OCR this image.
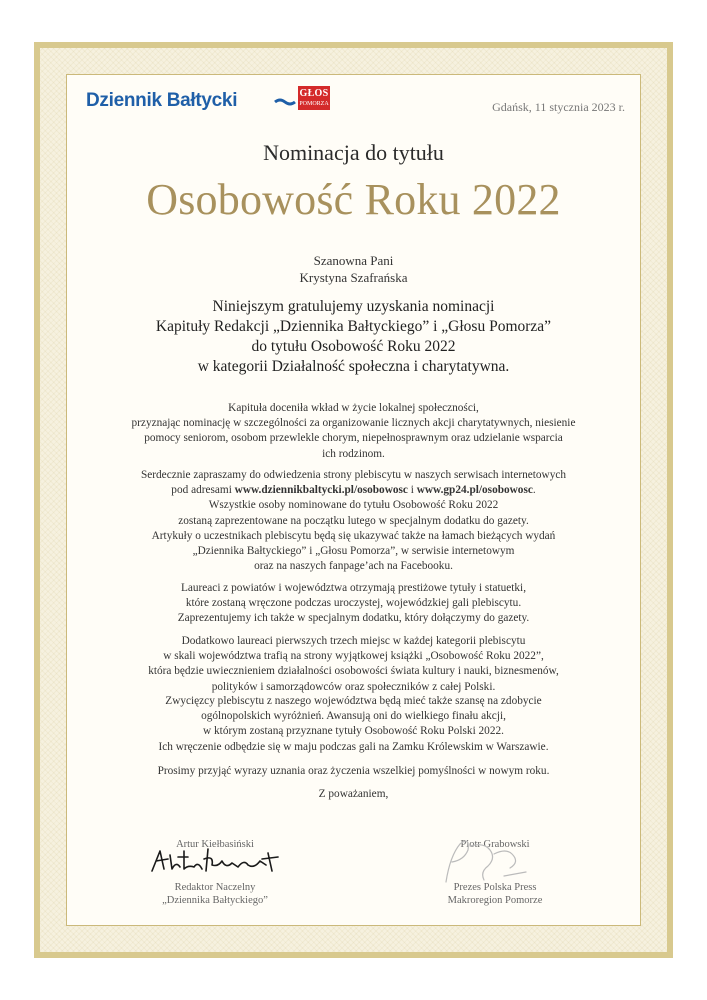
Dziennik Bałtycki	GŁOS
POMORZA	Gdańsk, 11 stycznia 2023 r.
Nominacja do tytułu
Osobowość Roku 2022
Szanowna Pani
Krystyna Szafrańska
Niniejszym gratulujemy uzyskania nominacji
Kapituły Redakcji „Dziennika Bałtyckiego” i „Głosu Pomorza”
do tytułu Osobowość Roku 2022
w kategorii Działalność społeczna i charytatywna.
Kapituła doceniła wkład w życie lokalnej społeczności,
przyznając nominację w szczególności za organizowanie licznych akcji charytatywnych, niesienie
pomocy seniorom, osobom przewlekle chorym, niepełnosprawnym oraz udzielanie wsparcia
ich rodzinom.
Serdecznie zapraszamy do odwiedzenia strony plebiscytu w naszych serwisach internetowych
pod adresami www.dziennikbaltycki.pl/osobowosc i www.gp24.pl/osobowosc.
Wszystkie osoby nominowane do tytułu Osobowość Roku 2022
zostaną zaprezentowane na początku lutego w specjalnym dodatku do gazety.
Artykuły o uczestnikach plebiscytu będą się ukazywać także na łamach bieżących wydań
„Dziennika Bałtyckiego” i „Głosu Pomorza”, w serwisie internetowym
oraz na naszych fanpage’ach na Facebooku.
Laureaci z powiatów i województwa otrzymają prestiżowe tytuły i statuetki,
które zostaną wręczone podczas uroczystej, wojewódzkiej gali plebiscytu.
Zaprezentujemy ich także w specjalnym dodatku, który dołączymy do gazety.
Dodatkowo laureaci pierwszych trzech miejsc w każdej kategorii plebiscytu
w skali województwa trafią na strony wyjątkowej książki „Osobowość Roku 2022”,
która będzie uwiecznieniem działalności osobowości świata kultury i nauki, biznesmenów,
polityków i samorządowców oraz społeczników z całej Polski.
Zwycięzcy plebiscytu z naszego województwa będą mieć także szansę na zdobycie
ogólnopolskich wyróżnień. Awansują oni do wielkiego finału akcji,
w którym zostaną przyznane tytuły Osobowość Roku Polski 2022.
Ich wręczenie odbędzie się w maju podczas gali na Zamku Królewskim w Warszawie.
Prosimy przyjąć wyrazy uznania oraz życzenia wszelkiej pomyślności w nowym roku.
Z poważaniem,
Artur Kiełbasiński
Redaktor Naczelny
„Dziennika Bałtyckiego”
Piotr Grabowski
Prezes Polska Press
Makroregion Pomorze
